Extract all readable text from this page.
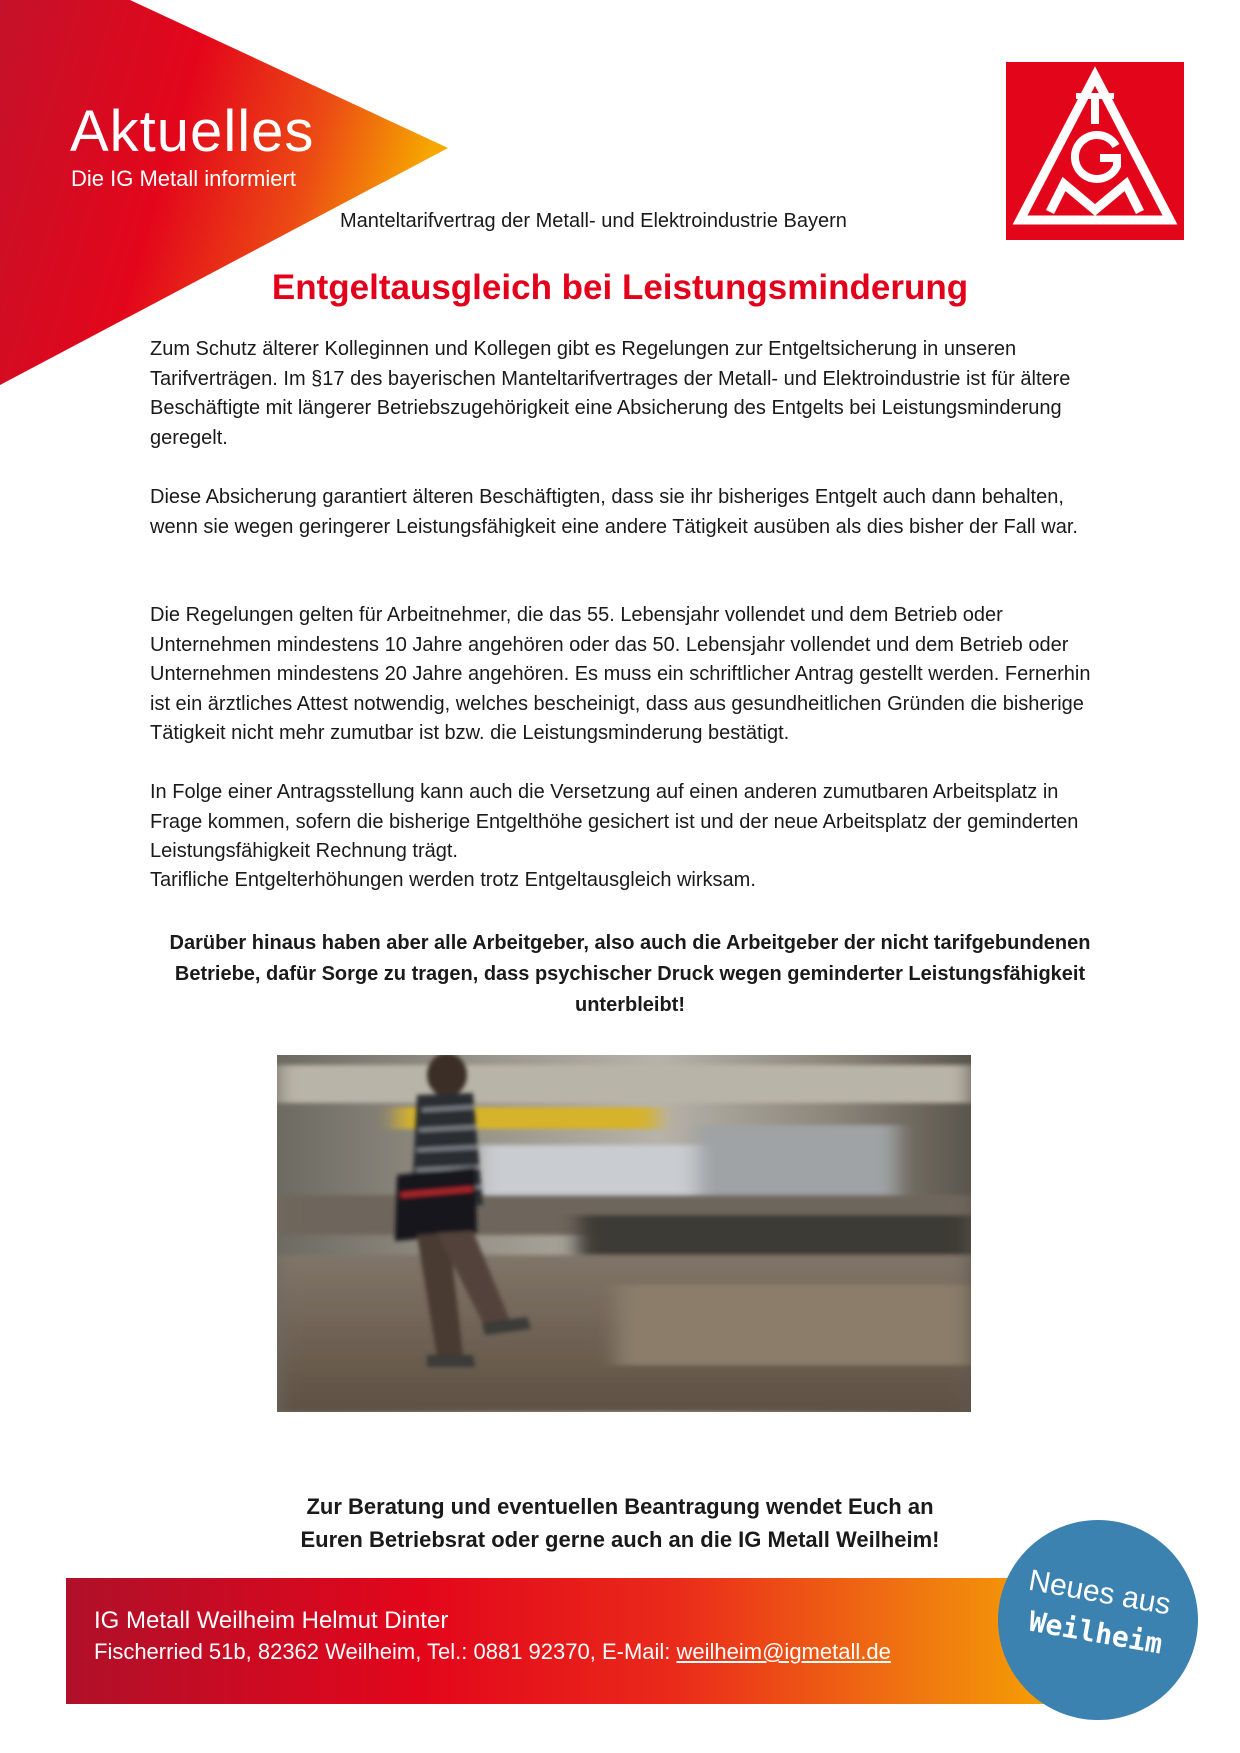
Aktuelles
Die IG Metall informiert
Manteltarifvertrag der Metall- und Elektroindustrie Bayern
Entgeltausgleich bei Leistungsminderung

Zum Schutz älterer Kolleginnen und Kollegen gibt es Regelungen zur Entgeltsicherung in unseren Tarifverträgen. Im §17 des bayerischen Manteltarifvertrages der Metall- und Elektroindustrie ist für ältere Beschäftigte mit längerer Betriebszugehörigkeit eine Absicherung des Entgelts bei Leistungsminderung geregelt.

Diese Absicherung garantiert älteren Beschäftigten, dass sie ihr bisheriges Entgelt auch dann behalten, wenn sie wegen geringerer Leistungsfähigkeit eine andere Tätigkeit ausüben als dies bisher der Fall war.

Die Regelungen gelten für Arbeitnehmer, die das 55. Lebensjahr vollendet und dem Betrieb oder Unternehmen mindestens 10 Jahre angehören oder das 50. Lebensjahr vollendet und dem Betrieb oder Unternehmen mindestens 20 Jahre angehören. Es muss ein schriftlicher Antrag gestellt werden. Fernerhin ist ein ärztliches Attest notwendig, welches bescheinigt, dass aus gesundheitlichen Gründen die bisherige Tätigkeit nicht mehr zumutbar ist bzw. die Leistungsminderung bestätigt.

In Folge einer Antragsstellung kann auch die Versetzung auf einen anderen zumutbaren Arbeitsplatz in Frage kommen, sofern die bisherige Entgelthöhe gesichert ist und der neue Arbeitsplatz der geminderten Leistungsfähigkeit Rechnung trägt.

Tarifliche Entgelterhöhungen werden trotz Entgeltausgleich wirksam.

Darüber hinaus haben aber alle Arbeitgeber, also auch die Arbeitgeber der nicht tarifgebundenen Betriebe, dafür Sorge zu tragen, dass psychischer Druck wegen geminderter Leistungsfähigkeit unterbleibt!
Zur Beratung und eventuellen Beantragung wendet Euch an
Euren Betriebsrat oder gerne auch an die IG Metall Weilheim!
IG Metall Weilheim Helmut Dinter
Fischerried 51b, 82362 Weilheim, Tel.: 0881 92370, E-Mail: weilheim@igmetall.de
Neues aus
Weilheim
